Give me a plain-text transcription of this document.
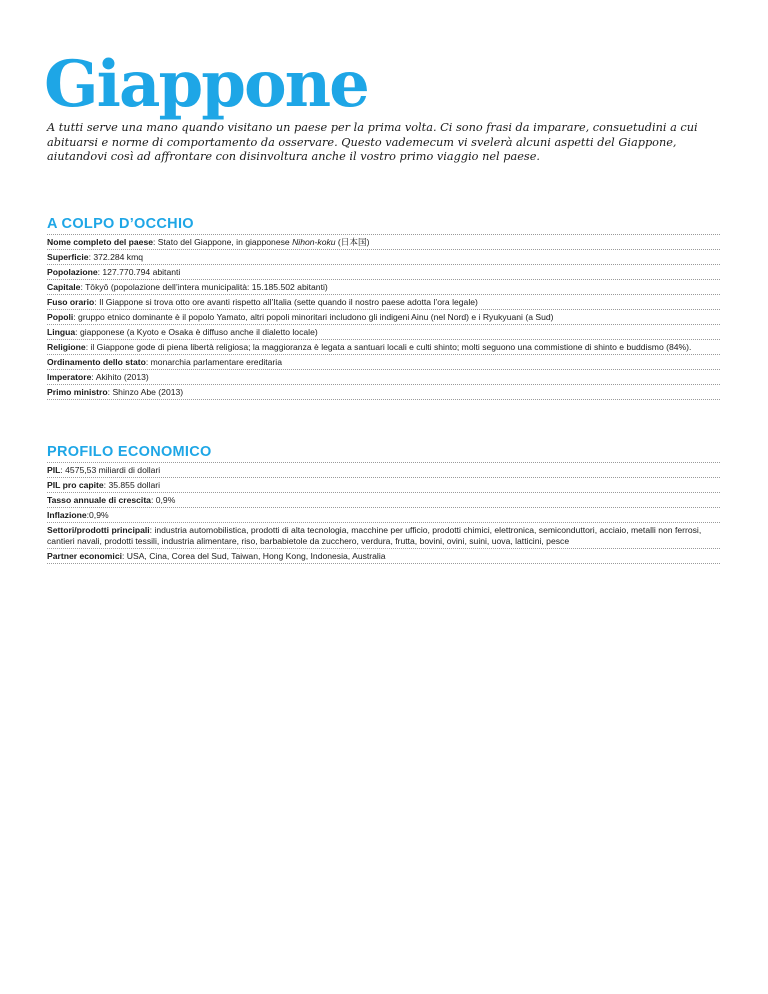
Giappone

A tutti serve una mano quando visitano un paese per la prima volta. Ci sono frasi da imparare, consuetudini a cui abituarsi e norme di comportamento da osservare. Questo vademecum vi svelerà alcuni aspetti del Giappone, aiutandovi così ad affrontare con disinvoltura anche il vostro primo viaggio nel paese.

A COLPO D’OCCHIO
Nome completo del paese: Stato del Giappone, in giapponese Nihon-koku (日本国)
Superficie: 372.284 kmq
Popolazione: 127.770.794 abitanti
Capitale: Tōkyō (popolazione dell’intera municipalità: 15.185.502 abitanti)
Fuso orario: Il Giappone si trova otto ore avanti rispetto all’Italia (sette quando il nostro paese adotta l’ora legale)
Popoli: gruppo etnico dominante è il popolo Yamato, altri popoli minoritari includono gli indigeni Ainu (nel Nord) e i Ryukyuani (a Sud)
Lingua: giapponese (a Kyoto e Osaka è diffuso anche il dialetto locale)
Religione: il Giappone gode di piena libertà religiosa; la maggioranza è legata a santuari locali e culti shinto; molti seguono una commistione di shinto e buddismo (84%).
Ordinamento dello stato: monarchia parlamentare ereditaria
Imperatore: Akihito (2013)
Primo ministro: Shinzo Abe (2013)
PROFILO ECONOMICO
PIL: 4575,53 miliardi di dollari
PIL pro capite: 35.855 dollari
Tasso annuale di crescita: 0,9%
Inflazione:0,9%
Settori/prodotti principali: industria automobilistica, prodotti di alta tecnologia, macchine per ufficio, prodotti chimici, elettronica, semiconduttori, acciaio, metalli non ferrosi, cantieri navali, prodotti tessili, industria alimentare, riso, barbabietole da zucchero, verdura, frutta, bovini, ovini, suini, uova, latticini, pesce
Partner economici: USA, Cina, Corea del Sud, Taiwan, Hong Kong, Indonesia, Australia
